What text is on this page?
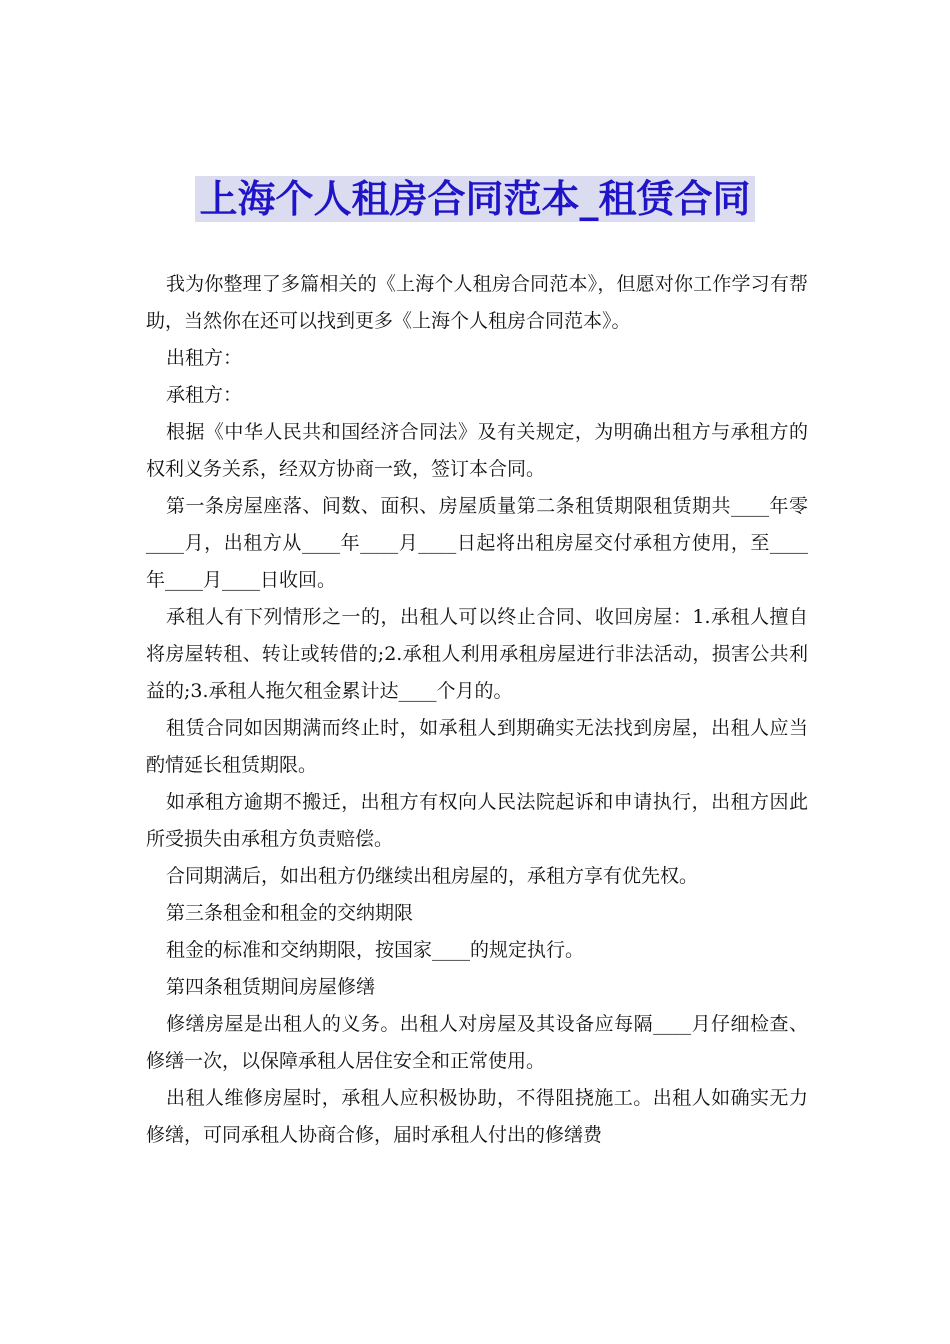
上海个人租房合同范本_租赁合同

我为你整理了多篇相关的《上海个人租房合同范本》，但愿对你工作学习有帮助，当然你在还可以找到更多《上海个人租房合同范本》。

出租方：

承租方：

根据《中华人民共和国经济合同法》及有关规定，为明确出租方与承租方的权利义务关系，经双方协商一致，签订本合同。

第一条房屋座落、间数、面积、房屋质量第二条租赁期限租赁期共____年零____月，出租方从____年____月____日起将出租房屋交付承租方使用，至____年____月____日收回。

承租人有下列情形之一的，出租人可以终止合同、收回房屋：1.承租人擅自将房屋转租、转让或转借的;2.承租人利用承租房屋进行非法活动，损害公共利益的;3.承租人拖欠租金累计达____个月的。

租赁合同如因期满而终止时，如承租人到期确实无法找到房屋，出租人应当酌情延长租赁期限。

如承租方逾期不搬迁，出租方有权向人民法院起诉和申请执行，出租方因此所受损失由承租方负责赔偿。

合同期满后，如出租方仍继续出租房屋的，承租方享有优先权。

第三条租金和租金的交纳期限

租金的标准和交纳期限，按国家____的规定执行。

第四条租赁期间房屋修缮

修缮房屋是出租人的义务。出租人对房屋及其设备应每隔____月仔细检查、修缮一次，以保障承租人居住安全和正常使用。

出租人维修房屋时，承租人应积极协助，不得阻挠施工。出租人如确实无力修缮，可同承租人协商合修，届时承租人付出的修缮费
